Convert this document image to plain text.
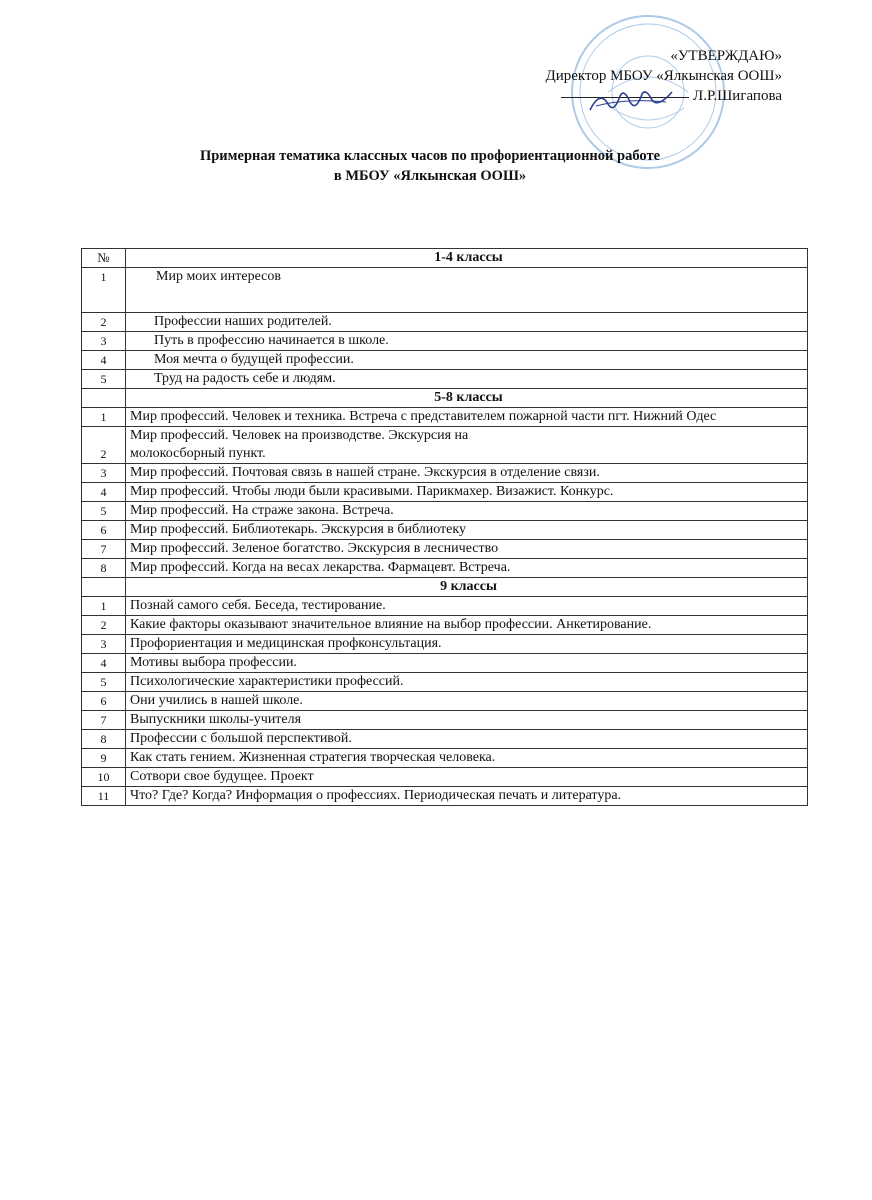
«УТВЕРЖДАЮ»
Директор МБОУ «Ялкынская ООШ»
Л.Р.Шигапова
Примерная тематика классных часов по профориентационной работе
в МБОУ «Ялкынская ООШ»
№	1-4 классы
1	Мир моих интересов
2	Профессии наших родителей.
3	Путь в профессию начинается в школе.
4	Моя мечта о будущей профессии.
5	Труд на радость себе и людям.
	5-8 классы
1	Мир профессий. Человек и техника. Встреча с представителем пожарной части пгт. Нижний Одес
2	Мир профессий. Человек на производстве. Экскурсия на
молокосборный пункт.

3	Мир профессий. Почтовая связь в нашей стране. Экскурсия в отделение связи.
4	Мир профессий. Чтобы люди были красивыми. Парикмахер. Визажист. Конкурс.
5	Мир профессий. На страже закона. Встреча.
6	Мир профессий. Библиотекарь. Экскурсия в библиотеку
7	Мир профессий. Зеленое богатство. Экскурсия в лесничество
8	Мир профессий. Когда на весах лекарства. Фармацевт. Встреча.
	9 классы
1	Познай самого себя. Беседа, тестирование.
2	Какие факторы оказывают значительное влияние на выбор профессии. Анкетирование.
3	Профориентация и медицинская профконсультация.
4	Мотивы выбора профессии.
5	Психологические характеристики профессий.
6	Они учились в нашей школе.
7	Выпускники школы-учителя
8	Профессии с большой перспективой.
9	Как стать гением. Жизненная стратегия творческая человека.
10	Сотвори свое будущее. Проект
11	Что? Где? Когда? Информация о профессиях. Периодическая печать и литература.
